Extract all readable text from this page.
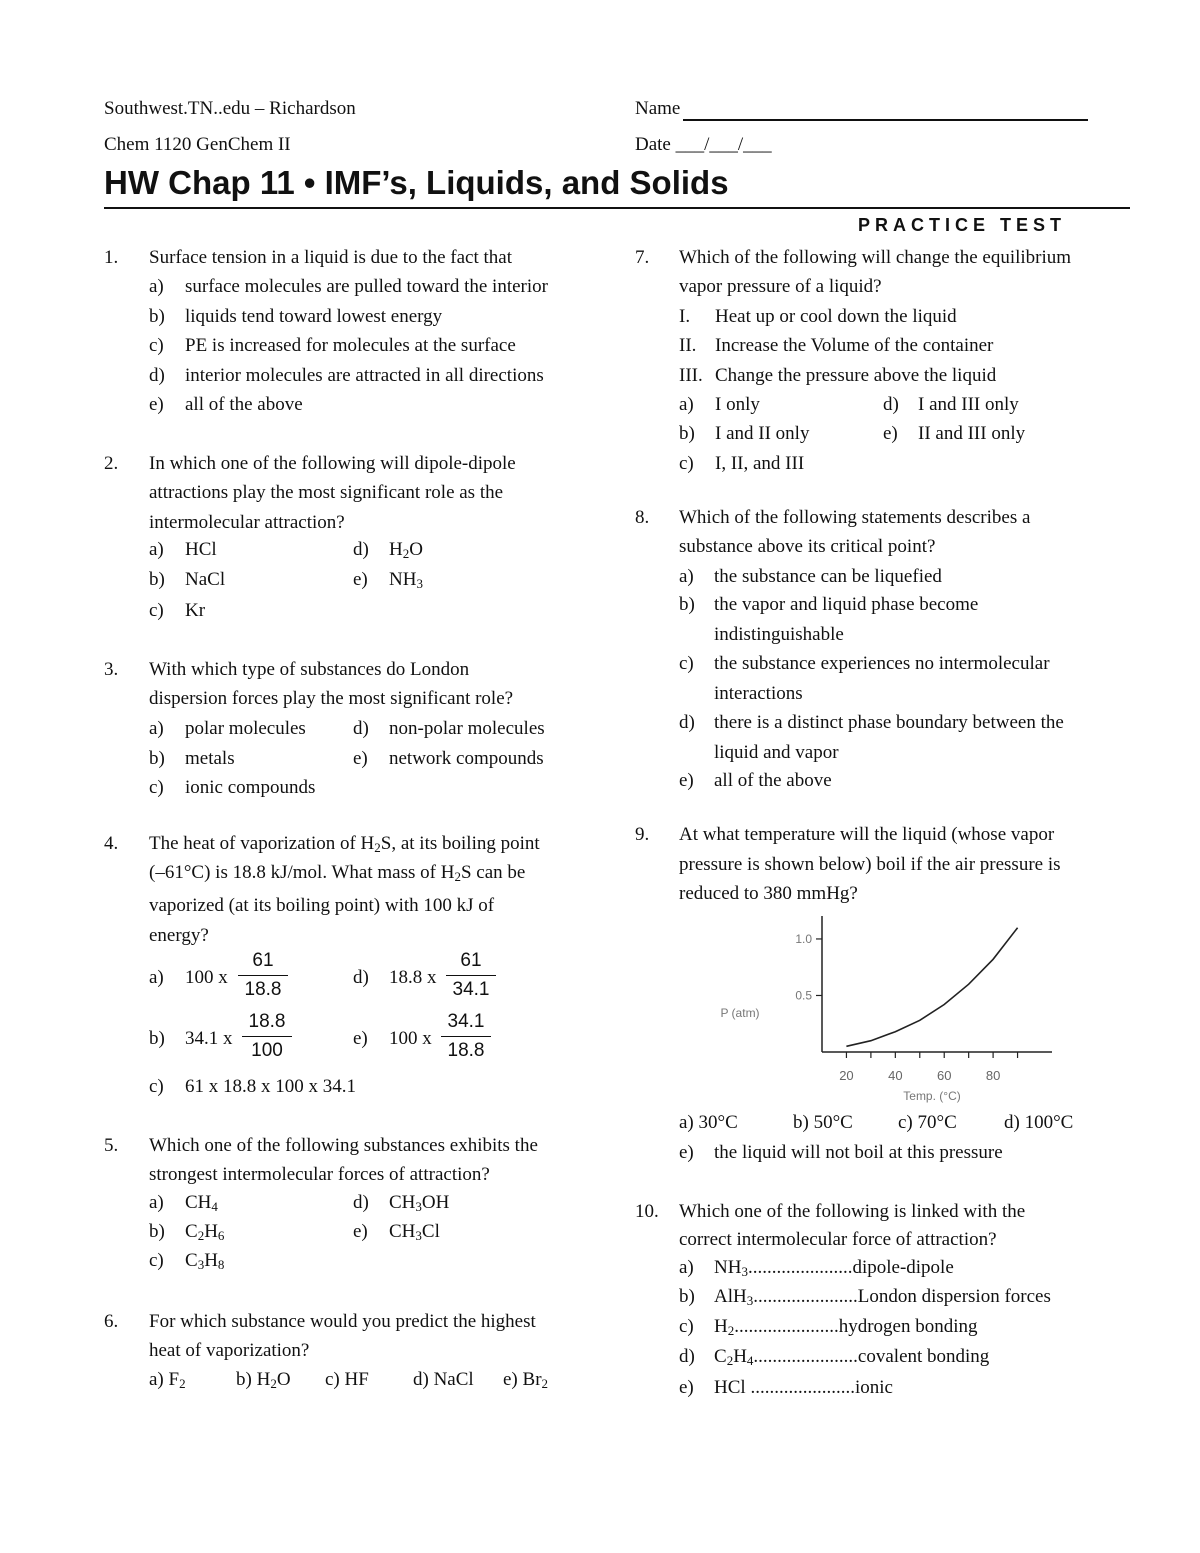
Southwest.TN..edu – Richardson
Chem 1120 GenChem II
Name
Date ___/___/___
HW Chap 11 • IMF’s, Liquids, and Solids
PRACTICE TEST
1. Surface tension in a liquid is due to the fact that
a) surface molecules are pulled toward the interior
b) liquids tend toward lowest energy
c) PE is increased for molecules at the surface
d) interior molecules are attracted in all directions
e) all of the above
2. In which one of the following will dipole-dipole
attractions play the most significant role as the
intermolecular attraction?
a) HCl
b) NaCl
c) Kr
d) $H_2O$
e) $NH_3$
3. With which type of substances do London
dispersion forces play the most significant role?
a) polar molecules
b) metals
c) ionic compounds
d) non-polar molecules
e) network compounds
4. The heat of vaporization of $H_2S$, at its boiling point
(–61°C) is 18.8 kJ/mol. What mass of $H_2S$ can be
vaporized (at its boiling point) with 100 kJ of
energy?
a) 100 x $\frac{61}{18.8}$	d) 18.8 x $\frac{61}{34.1}$
b) 34.1 x $\frac{18.8}{100}$	e) 100 x $\frac{34.1}{18.8}$
c) 61 x 18.8 x 100 x 34.1
5. Which one of the following substances exhibits the
strongest intermolecular forces of attraction?
a) $CH_4$
b) $C_2H_6$
c) $C_3H_8$
d) $CH_3OH$
e) $CH_3Cl$
6. For which substance would you predict the highest
heat of vaporization?
a) $F_2$	b) $H_2O$ c) HF d) NaCl e) $Br_2$
7. Which of the following will change the equilibrium
vapor pressure of a liquid?
I. Heat up or cool down the liquid
II. Increase the Volume of the container
III. Change the pressure above the liquid
a) I only
b) I and II only
c) I, II, and III
d) I and III only
e) II and III only
8. Which of the following statements describes a
substance above its critical point?
a) the substance can be liquefied
b) the vapor and liquid phase become
indistinguishable
c) the substance experiences no intermolecular
interactions
d) there is a distinct phase boundary between the
liquid and vapor
e) all of the above
9. At what temperature will the liquid (whose vapor
pressure is shown below) boil if the air pressure is
reduced to 380 mmHg?
20	40	60	80
1.0
0.5
P (atm)
Temp. (°C)
a) 30°C	b) 50°C c) 70°C d) 100°C
e) the liquid will not boil at this pressure
10. Which one of the following is linked with the
correct intermolecular force of attraction?
a) $NH_3......................dipole$-dipole
b) AlH$_3$......................London dispersion forces
c) $H_2......................hydrogen$ bonding
d) $C_2H_4......................covalent$ bonding
e) HCl ......................ionic
